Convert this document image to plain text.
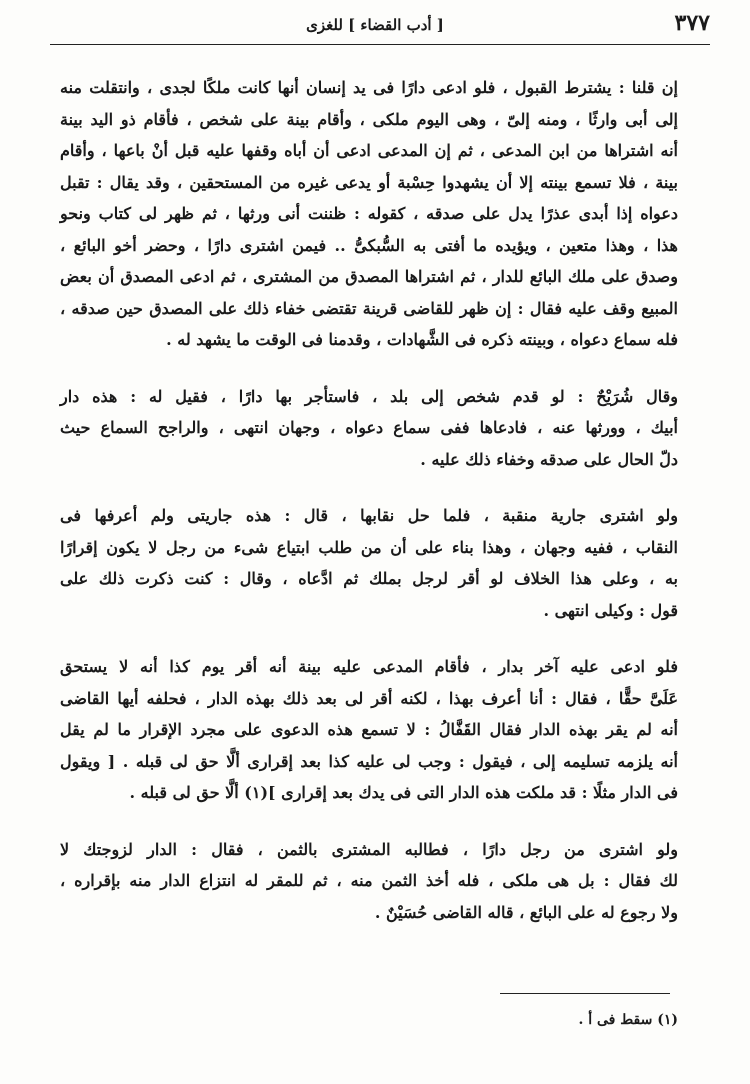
٣٧٧
[ أدب القضاء ] للغزى
إن قلنا : يشترط القبول ، فلو ادعى دارًا فى يد إنسان أنها كانت ملكًا لجدى ، وانتقلت منه
إلى أبى وارثًا ، ومنه إلىّ ، وهى اليوم ملكى ، وأقام بينة على شخص ، فأقام ذو اليد بينة
أنه اشتراها من ابن المدعى ، ثم إن المدعى ادعى أن أباه وقفها عليه قبل أنْ باعها ، وأقام
بينة ، فلا تسمع بينته إلا أن يشهدوا حِسْبة أو يدعى غيره من المستحقين ، وقد يقال : تقبل
دعواه إذا أبدى عذرًا يدل على صدقه ، كقوله : ظننت أنى ورثها ، ثم ظهر لى كتاب ونحو
هذا ، وهذا متعين ، ويؤيده ما أفتى به السُّبكىُّ .. فيمن اشترى دارًا ، وحضر أخو البائع ،
وصدق على ملك البائع للدار ، ثم اشتراها المصدق من المشترى ، ثم ادعى المصدق أن بعض
المبيع وقف عليه فقال : إن ظهر للقاضى قرينة تقتضى خفاء ذلك على المصدق حين صدقه ،
فله سماع دعواه ، وبينته ذكره فى الشَّهادات ، وقدمنا فى الوقت ما يشهد له .
وقال شُرَيْحٌ : لو قدم شخص إلى بلد ، فاستأجر بها دارًا ، فقيل له : هذه دار
أبيك ، وورثها عنه ، فادعاها ففى سماع دعواه ، وجهان انتهى ، والراجح السماع حيث
دلّ الحال على صدقه وخفاء ذلك عليه .
ولو اشترى جارية منقبة ، فلما حل نقابها ، قال : هذه جاريتى ولم أعرفها فى
النقاب ، ففيه وجهان ، وهذا بناء على أن من طلب ابتياع شىء من رجل لا يكون إقرارًا
به ، وعلى هذا الخلاف لو أقر لرجل بملك ثم ادَّعاه ، وقال : كنت ذكرت ذلك على
قول : وكيلى انتهى .
فلو ادعى عليه آخر بدار ، فأقام المدعى عليه بينة أنه أقر يوم كذا أنه لا يستحق
عَلَىَّ حقًّا ، فقال : أنا أعرف بهذا ، لكنه أقر لى بعد ذلك بهذه الدار ، فحلفه أيها القاضى
أنه لم يقر بهذه الدار فقال القَفَّالُ : لا تسمع هذه الدعوى على مجرد الإقرار ما لم يقل
أنه يلزمه تسليمه إلى ، فيقول : وجب لى عليه كذا بعد إقرارى ألَّا حق لى قبله . [ ويقول
فى الدار مثلًا : قد ملكت هذه الدار التى فى يدك بعد إقرارى ](١) ألَّا حق لى قبله .
ولو اشترى من رجل دارًا ، فطالبه المشترى بالثمن ، فقال : الدار لزوجتك لا
لك فقال : بل هى ملكى ، فله أخذ الثمن منه ، ثم للمقر له انتزاع الدار منه بإقراره ،
ولا رجوع له على البائع ، قاله القاضى حُسَيْنٌ .
(١) سقط فى أ .
